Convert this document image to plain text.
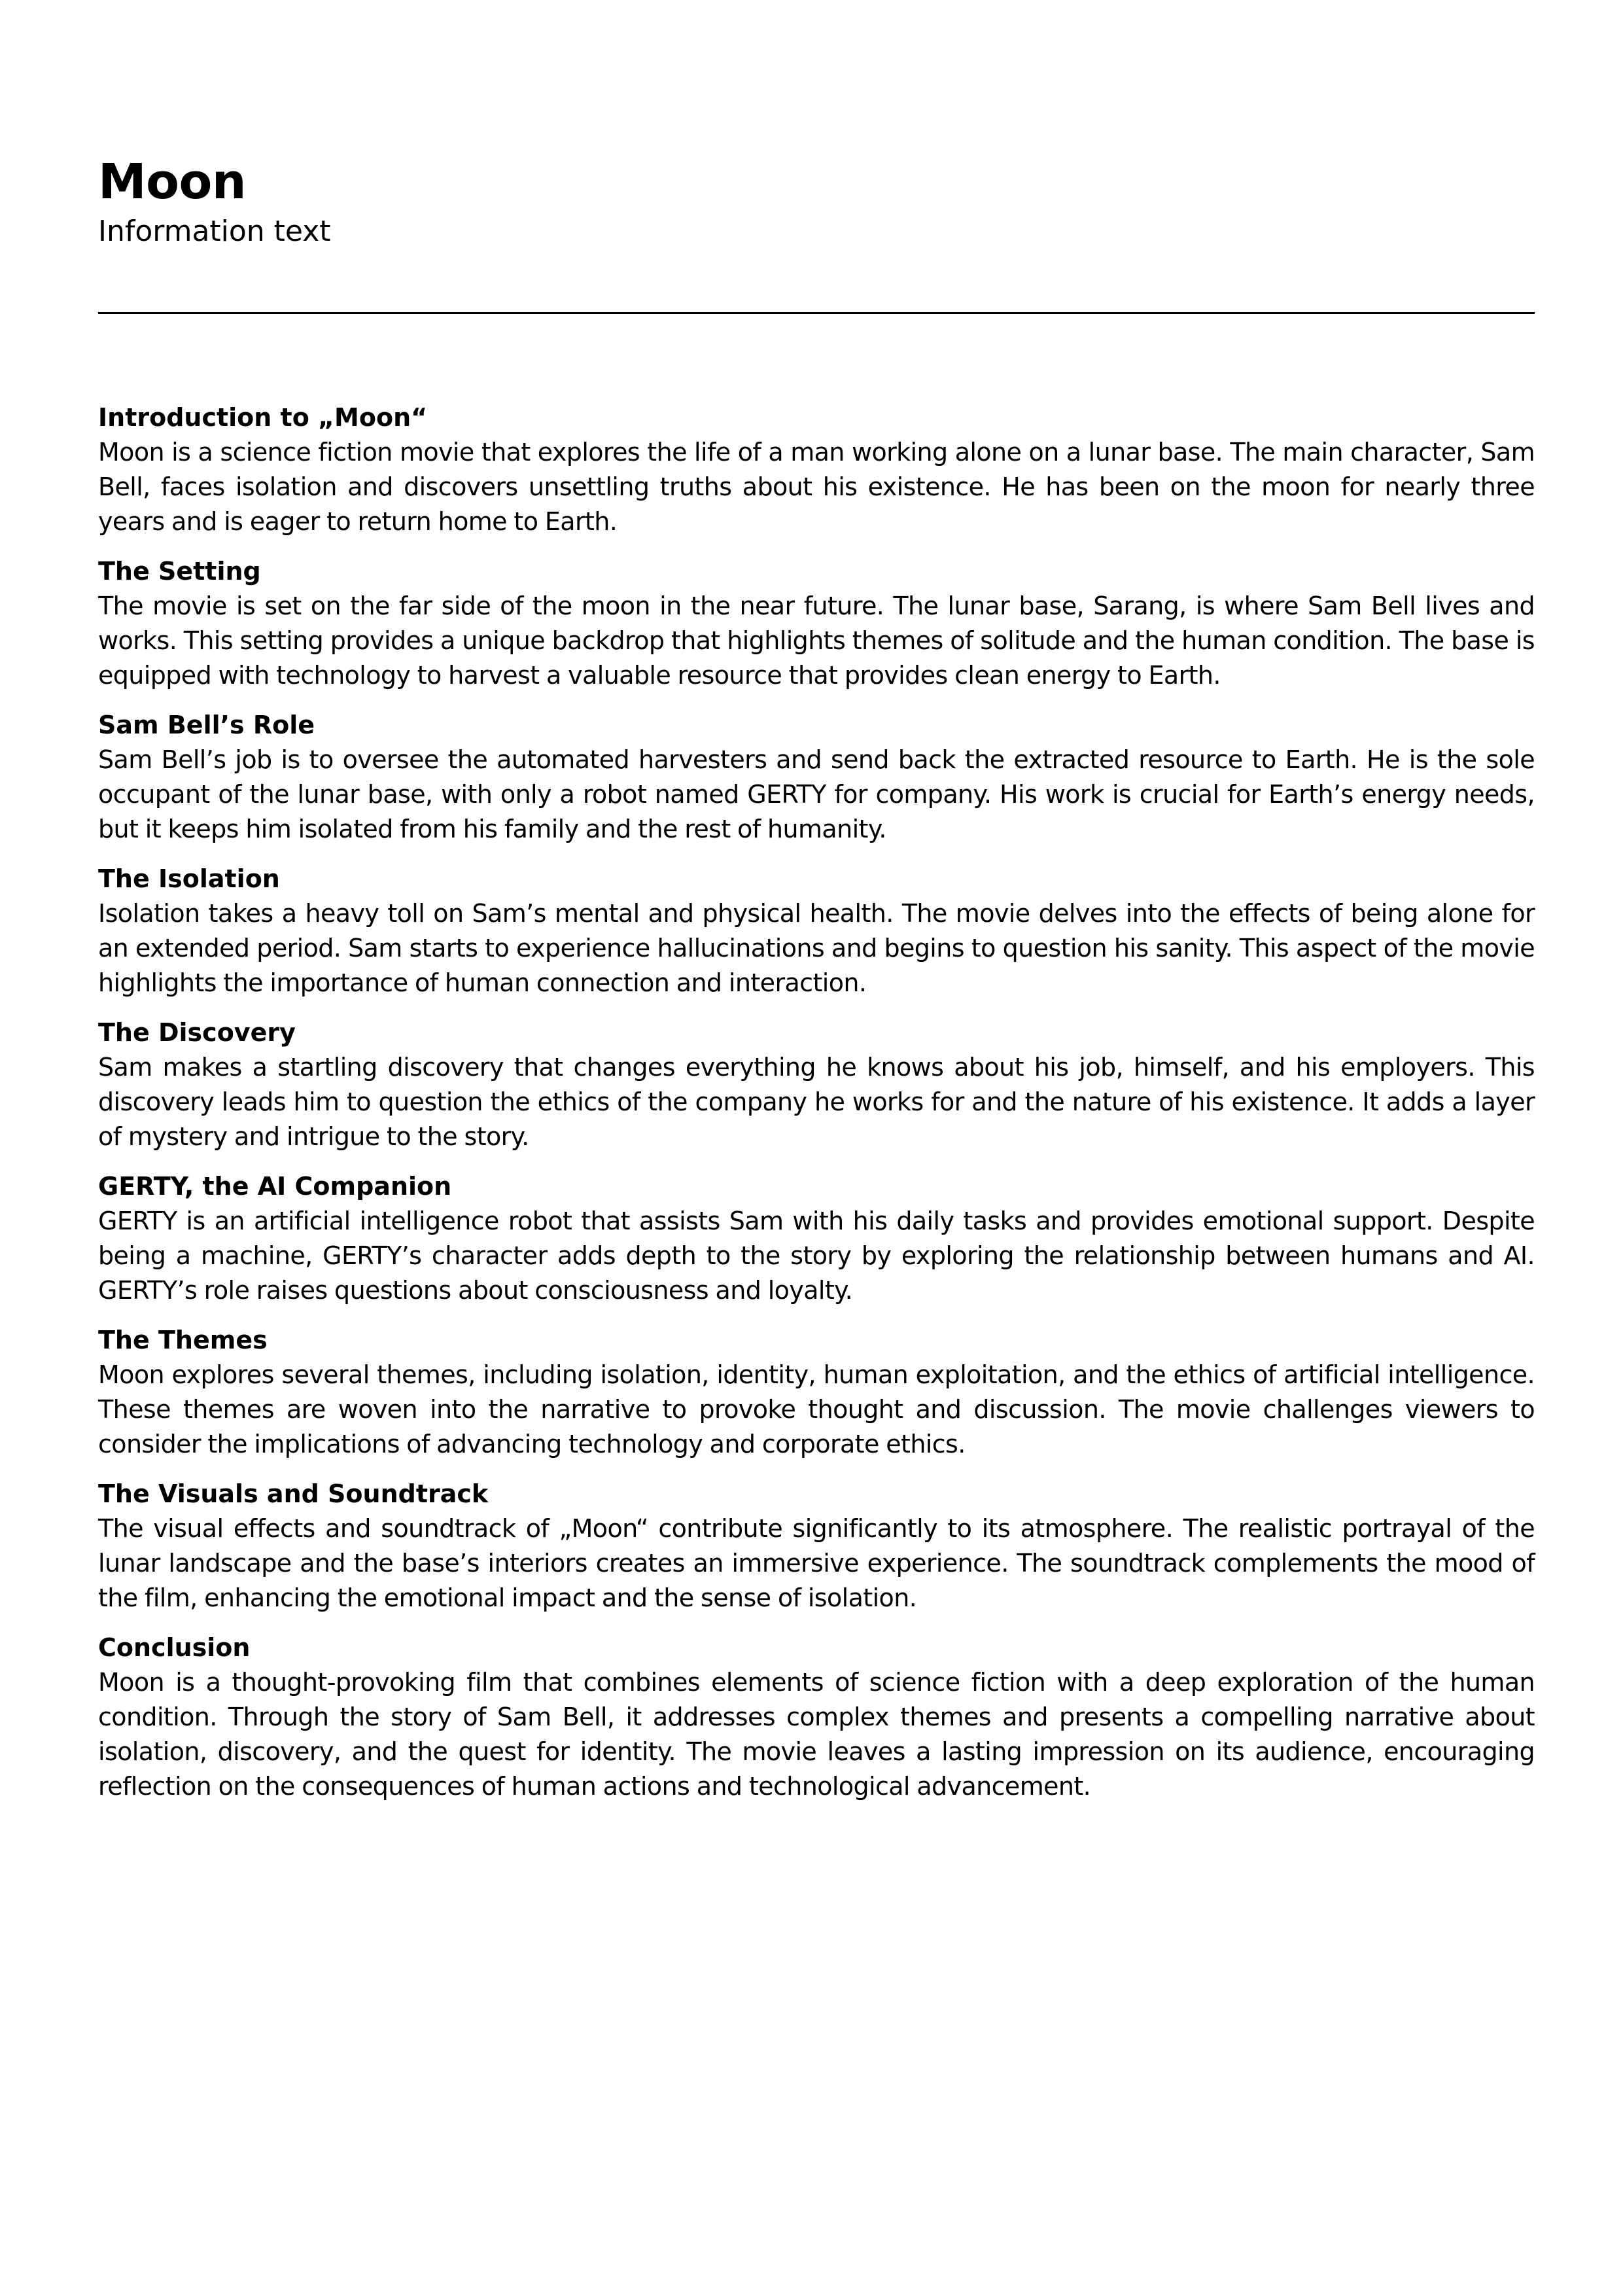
Moon

Information text

Introduction to „Moon“

Moon is a science fiction movie that explores the life of a man working alone on a lunar base. The main character, Sam Bell, faces isolation and discovers unsettling truths about his existence. He has been on the moon for nearly three years and is eager to return home to Earth.

The Setting

The movie is set on the far side of the moon in the near future. The lunar base, Sarang, is where Sam Bell lives and works. This setting provides a unique backdrop that highlights themes of solitude and the human condition. The base is equipped with technology to harvest a valuable resource that provides clean energy to Earth.

Sam Bell’s Role

Sam Bell’s job is to oversee the automated harvesters and send back the extracted resource to Earth. He is the sole occupant of the lunar base, with only a robot named GERTY for company. His work is crucial for Earth’s energy needs, but it keeps him isolated from his family and the rest of humanity.

The Isolation

Isolation takes a heavy toll on Sam’s mental and physical health. The movie delves into the effects of being alone for an extended period. Sam starts to experience hallucinations and begins to question his sanity. This aspect of the movie highlights the importance of human connection and interaction.

The Discovery

Sam makes a startling discovery that changes everything he knows about his job, himself, and his employers. This discovery leads him to question the ethics of the company he works for and the nature of his existence. It adds a layer of mystery and intrigue to the story.

GERTY, the AI Companion

GERTY is an artificial intelligence robot that assists Sam with his daily tasks and provides emotional support. Despite being a machine, GERTY’s character adds depth to the story by exploring the relationship between humans and AI. GERTY’s role raises questions about consciousness and loyalty.

The Themes

Moon explores several themes, including isolation, identity, human exploitation, and the ethics of artificial intelligence. These themes are woven into the narrative to provoke thought and discussion. The movie challenges viewers to consider the implications of advancing technology and corporate ethics.

The Visuals and Soundtrack

The visual effects and soundtrack of „Moon“ contribute significantly to its atmosphere. The realistic portrayal of the lunar landscape and the base’s interiors creates an immersive experience. The soundtrack complements the mood of the film, enhancing the emotional impact and the sense of isolation.

Conclusion

Moon is a thought-provoking film that combines elements of science fiction with a deep exploration of the human condition. Through the story of Sam Bell, it addresses complex themes and presents a compelling narrative about isolation, discovery, and the quest for identity. The movie leaves a lasting impression on its audience, encouraging reflection on the consequences of human actions and technological advancement.
